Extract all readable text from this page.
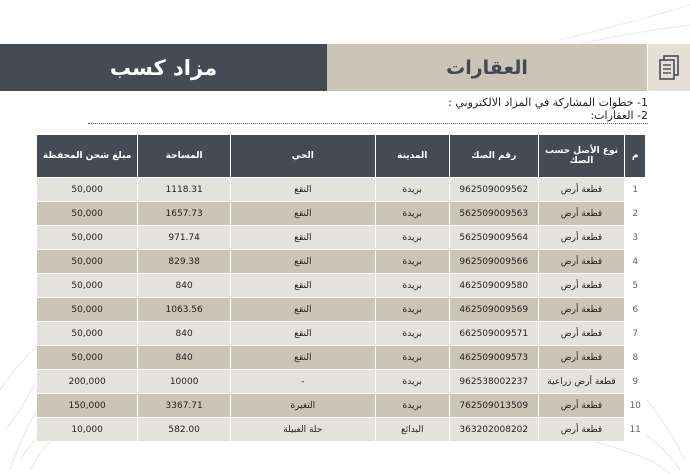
مزاد كسب	العقارات
1- خطوات المشاركة في المزاد الالكتروني :
2- العقارات:
م	نوع الأصل حسب الصك	رقم الصك	المدينة	الحي	المساحة	مبلغ شحن المحفظة
1	قطعة أرض	962509009562	بريدة	النقع	1118.31	50,000
2	قطعة أرض	562509009563	بريدة	النقع	1657.73	50,000
3	قطعة أرض	562509009564	بريدة	النقع	971.74	50,000
4	قطعة أرض	962509009566	بريدة	النقع	829.38	50,000
5	قطعة أرض	462509009580	بريدة	النقع	840	50,000
6	قطعة أرض	462509009569	بريدة	النقع	1063.56	50,000
7	قطعة أرض	662509009571	بريدة	النقع	840	50,000
8	قطعة أرض	462509009573	بريدة	النقع	840	50,000
9	قطعة أرض زراعية	962538002237	بريدة	-	10000	200,000
10	قطعة أرض	762509013509	بريدة	التغيرة	3367.71	150,000
11	قطعة أرض	363202008202	البدائع	حلة العبيلة	582.00	10,000
